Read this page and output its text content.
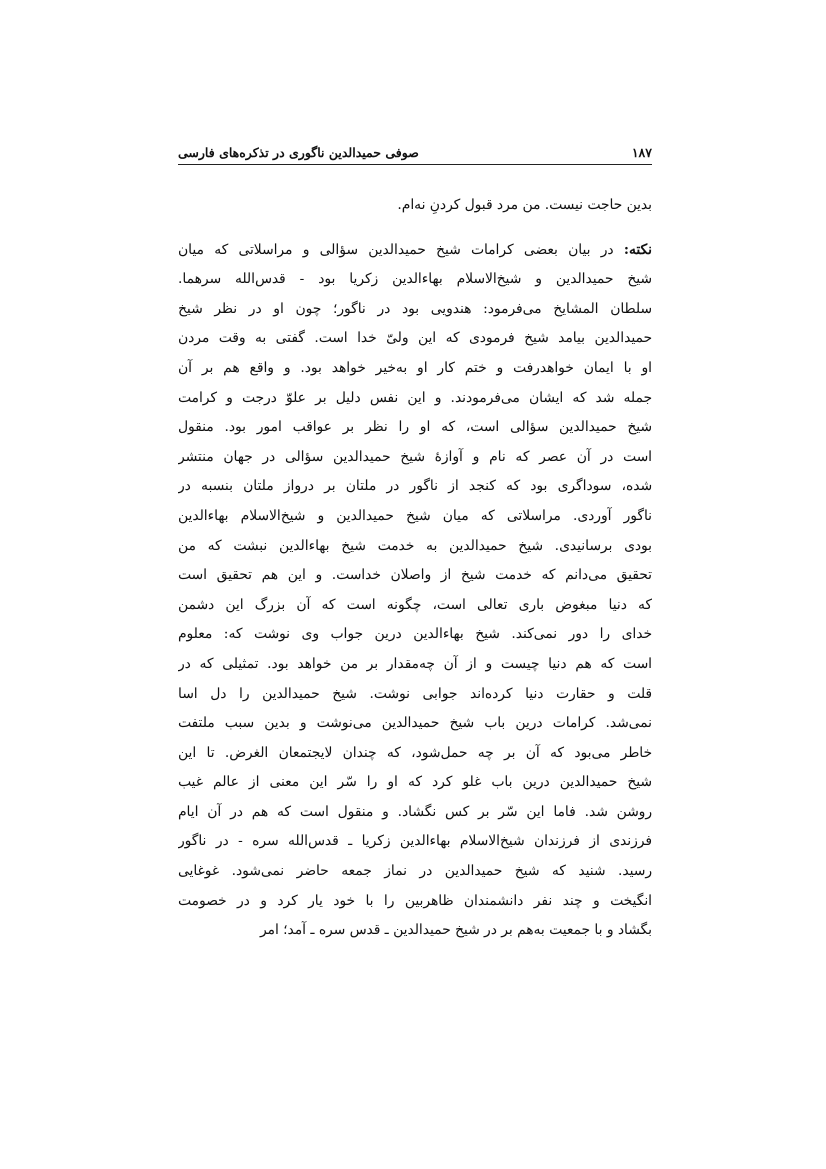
۱۸۷
صوفی حمیدالدین ناگوری در تذکره‌های فارسی

بدین حاجت نیست. من مرد قبول کردنِ نه‌ام.

نکته: در بیان بعضی کرامات شیخ حمیدالدین سؤالی و مراسلاتی که میان
شیخ حمیدالدین و شیخ‌الاسلام بهاءالدین زکریا بود - قدس‌الله سرهما.
سلطان المشایخ می‌فرمود: هندویی بود در ناگور؛ چون او در نظر شیخ
حمیدالدین بیامد شیخ فرمودی که این ولیّ خدا است. گفتی به وقت مردن
او با ایمان خواهدرفت و ختم کار او به‌خیر خواهد بود. و واقع هم بر آن
جمله شد که ایشان می‌فرمودند. و این نفس دلیل بر علوّ درجت و کرامت
شیخ حمیدالدین سؤالی است، که او را نظر بر عواقب امور بود. منقول
است در آن عصر که نام و آوازهٔ شیخ حمیدالدین سؤالی در جهان منتشر
شده، سوداگری بود که کنجد از ناگور در ملتان بر درواز ملتان بنسبه در
ناگور آوردی. مراسلاتی که میان شیخ حمیدالدین و شیخ‌الاسلام بهاءالدین
بودی برسانیدی. شیخ حمیدالدین به خدمت شیخ بهاءالدین نبشت که من
تحقیق می‌دانم که خدمت شیخ از واصلان خداست. و این هم تحقیق است
که دنیا مبغوض باری تعالی است، چگونه است که آن بزرگ این دشمن
خدای را دور نمی‌کند. شیخ بهاءالدین درین جواب وی نوشت که: معلوم
است که هم دنیا چیست و از آن چه‌مقدار بر من خواهد بود. تمثیلی که در
قلت و حقارت دنیا کرده‌اند جوابی نوشت. شیخ حمیدالدین را دل اسا
نمی‌شد. کرامات درین باب شیخ حمیدالدین می‌نوشت و بدین سبب ملتفت
خاطر می‌بود که آن بر چه حمل‌شود، که چندان لایجتمعان الغرض. تا این
شیخ حمیدالدین درین باب غلو کرد که او را سّر این معنی از عالم غیب
روشن شد. فاما این سّر بر کس نگشاد. و منقول است که هم در آن ایام
فرزندی از فرزندان شیخ‌الاسلام بهاءالدین زکریا ـ قدس‌الله سره - در ناگور
رسید. شنید که شیخ حمیدالدین در نماز جمعه حاضر نمی‌شود. غوغایی
انگیخت و چند نفر دانشمندان ظاهربین را با خود یار کرد و در خصومت
بگشاد و با جمعیت به‌هم بر در شیخ حمیدالدین ـ قدس سره ـ آمد؛ امر
